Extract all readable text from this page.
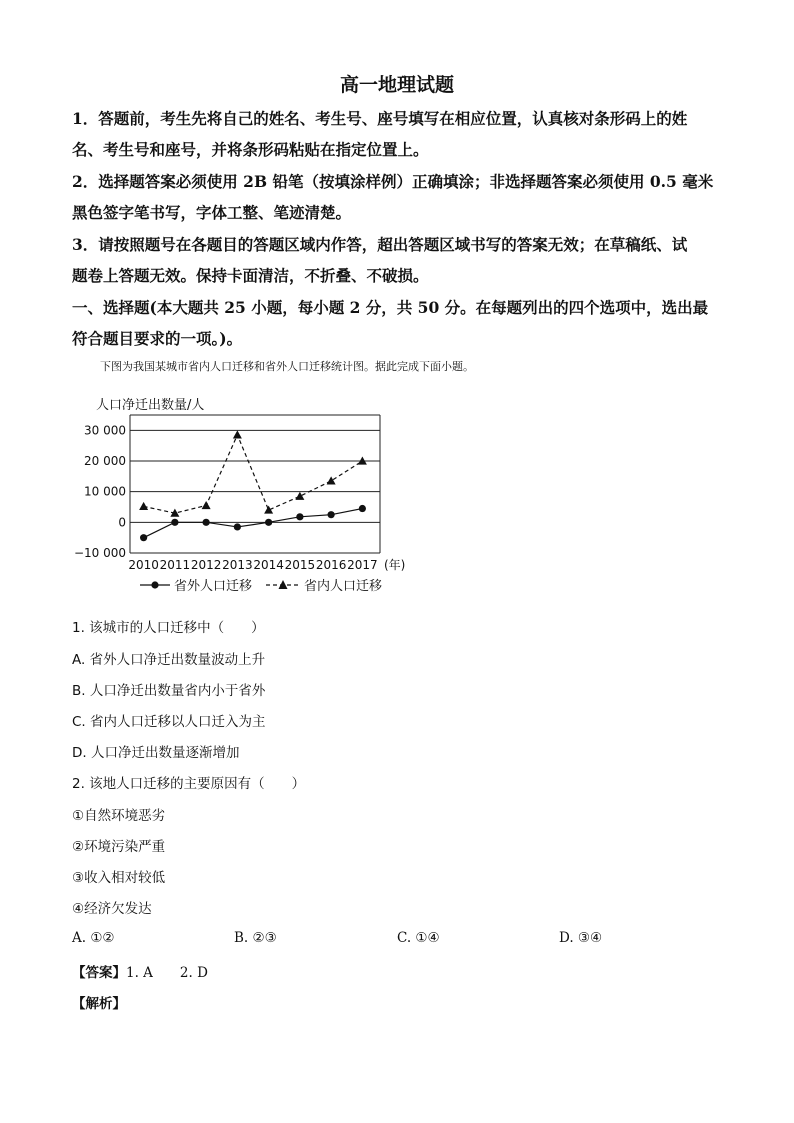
高一地理试题
1．答题前，考生先将自己的姓名、考生号、座号填写在相应位置，认真核对条形码上的姓
名、考生号和座号，并将条形码粘贴在指定位置上。
2．选择题答案必须使用 2B 铅笔（按填涂样例）正确填涂；非选择题答案必须使用 0.5 毫米
黑色签字笔书写，字体工整、笔迹清楚。
3．请按照题号在各题目的答题区域内作答，超出答题区域书写的答案无效；在草稿纸、试
题卷上答题无效。保持卡面清洁，不折叠、不破损。
一、选择题(本大题共 25 小题，每小题 2 分，共 50 分。在每题列出的四个选项中，选出最
符合题目要求的一项。)。
下图为我国某城市省内人口迁移和省外人口迁移统计图。据此完成下面小题。
人口净迁出数量/人
30 000
20 000
10 000
0
−10 000
2010 2011 2012 2013 2014 2015 2016 2017 (年)
省外人口迁移	省内人口迁移
1. 该城市的人口迁移中（　　）
A. 省外人口净迁出数量波动上升
B. 人口净迁出数量省内小于省外
C. 省内人口迁移以人口迁入为主
D. 人口净迁出数量逐渐增加
2. 该地人口迁移的主要原因有（　　）
①自然环境恶劣
②环境污染严重
③收入相对较低
④经济欠发达
A. ①②	B. ②③	C. ①④	D. ③④
【答案】1. A　　2. D
【解析】
